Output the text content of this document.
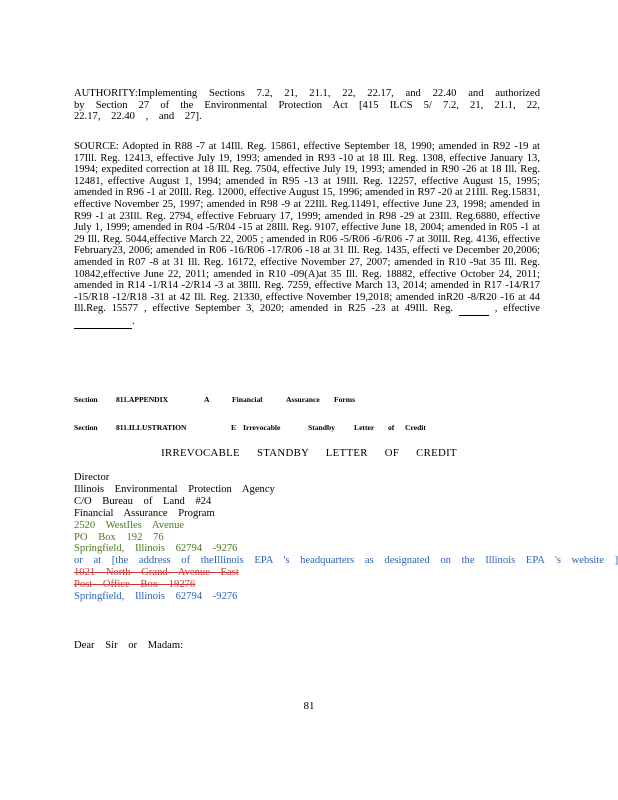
AUTHORITY:Implementing Sections 7.2, 21, 21.1, 22, 22.17, and 22.40 and authorized by Section 27 of the Environmental Protection Act [415 ILCS 5/ 7.2, 21, 21.1, 22, 22.17, 22.40 , and 27].
SOURCE: Adopted in R88 -7 at 14Ill. Reg. 15861, effective September 18, 1990; amended in R92 -19 at 17Ill. Reg. 12413, effective July 19, 1993; amended in R93 -10 at 18 Ill. Reg. 1308, effective January 13, 1994; expedited correction at 18 Ill. Reg. 7504, effective July 19, 1993; amended in R90 -26 at 18 Ill. Reg. 12481, effective August 1, 1994; amended in R95 -13 at 19Ill. Reg. 12257, effective August 15, 1995; amended in R96 -1 at 20Ill. Reg. 12000, effective August 15, 1996; amended in R97 -20 at 21Ill. Reg.15831, effective November 25, 1997; amended in R98 -9 at 22Ill. Reg.11491, effective June 23, 1998; amended in R99 -1 at 23Ill. Reg. 2794, effective February 17, 1999; amended in R98 -29 at 23Ill. Reg.6880, effective July 1, 1999; amended in R04 -5/R04 -15 at 28Ill. Reg. 9107, effective June 18, 2004; amended in R05 -1 at 29 Ill. Reg. 5044,effective March 22, 2005 ; amended in R06 -5/R06 -6/R06 -7 at 30Ill. Reg. 4136, effective February23, 2006; amended in R06 -16/R06 -17/R06 -18 at 31 Ill. Reg. 1435, effecti ve December 20,2006; amended in R07 -8 at 31 Ill. Reg. 16172, effective November 27, 2007; amended in R10 -9at 35 Ill. Reg. 10842,effective June 22, 2011; amended in R10 -09(A)at 35 Ill. Reg. 18882, effective October 24, 2011; amended in R14 -1/R14 -2/R14 -3 at 38Ill. Reg. 7259, effective March 13, 2014; amended in R17 -14/R17 -15/R18 -12/R18 -31 at 42 Ill. Reg. 21330, effective November 19,2018; amended inR20 -8/R20 -16 at 44 Ill.Reg. 15577 , effective September 3, 2020; amended in R25 -23 at 49Ill. Reg.	, effective  .
Section 811.APPENDIX	A	Financial	Assurance Forms
Section 811.ILLUSTRATION	E Irrevocable	Standby Letter of Credit
IRREVOCABLE STANDBY LETTER OF CREDIT
Director
Illinois Environmental Protection Agency
C/O Bureau of Land #24
Financial Assurance Program
2520 WestIles Avenue
PO Box 192 76
Springfield, Illinois 62794 -9276
or at [the address of theIllinois EPA 's headquarters as designated on the Illinois EPA 's website ]
1021 North Grand Avenue East
Post Office Box 19276
Springfield, Illinois 62794 -9276
Dear Sir or Madam:
81
